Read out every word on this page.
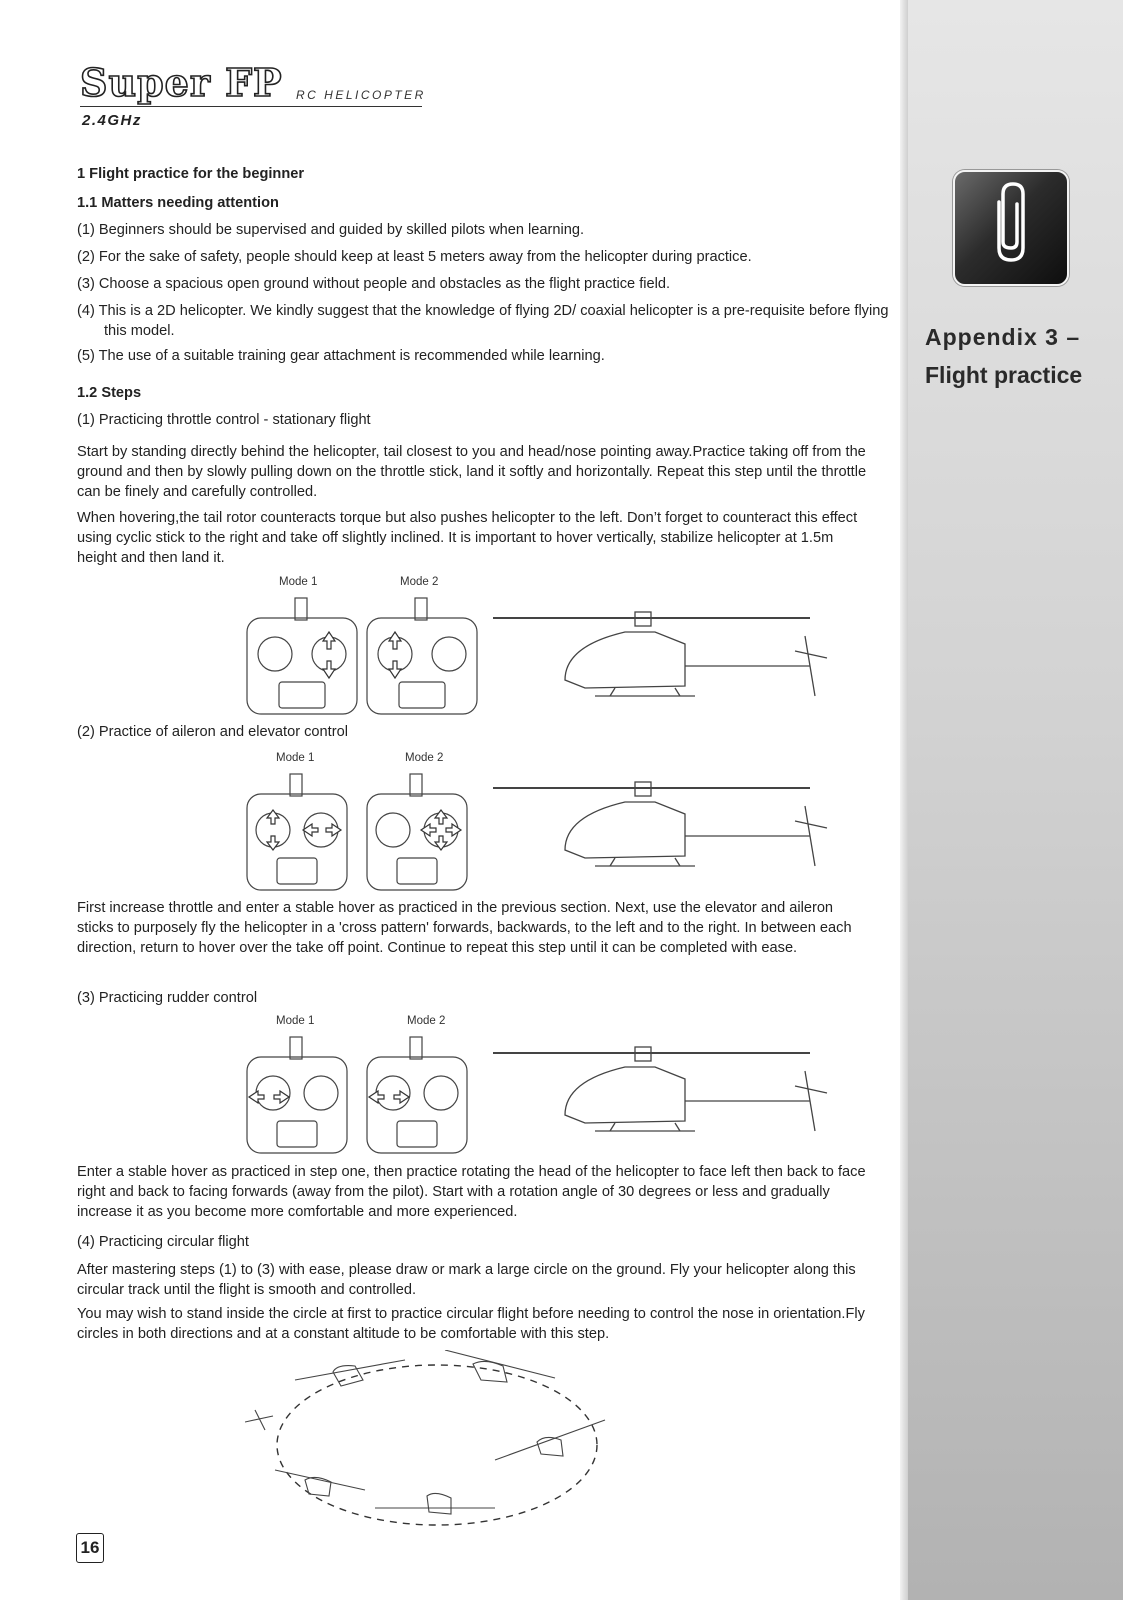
Appendix 3 –
Flight practice
Super FP RC HELICOPTER
2.4GHz

1 Flight practice for the beginner

1.1 Matters needing attention

(1) Beginners should be supervised and guided by skilled pilots when learning.

(2) For the sake of safety, people should keep at least 5 meters away from the helicopter during practice.

(3) Choose a spacious open ground without people and obstacles as the flight practice field.

(4) This is a 2D helicopter. We kindly suggest that the knowledge of flying 2D/ coaxial helicopter is a pre-requisite before flying this model.

(5) The use of a suitable training gear attachment is recommended while learning.

1.2 Steps

(1) Practicing throttle control - stationary flight

Start by standing directly behind the helicopter, tail closest to you and head/nose pointing away.Practice taking off from the ground and then by slowly pulling down on the throttle stick, land it softly and horizontally. Repeat this step until the throttle can be finely and carefully controlled.

When hovering,the tail rotor counteracts torque but also pushes helicopter to the left. Don’t forget to counteract this effect using cyclic stick to the right and take off slightly inclined. It is important to hover vertically, stabilize helicopter at 1.5m height and then land it.

(2) Practice of aileron and elevator control

First increase throttle and enter a stable hover as practiced in the previous section. Next, use the elevator and aileron sticks to purposely fly the helicopter in a 'cross pattern' forwards, backwards, to the left and to the right. In between each direction, return to hover over the take off point. Continue to repeat this step until it can be completed with ease.

(3) Practicing rudder control

Enter a stable hover as practiced in step one, then practice rotating the head of the helicopter to face left then back to face right and back to facing forwards (away from the pilot). Start with a rotation angle of 30 degrees or less and gradually increase it as you become more comfortable and more experienced.

(4) Practicing circular flight

After mastering steps (1) to (3) with ease, please draw or mark a large circle on the ground. Fly your helicopter along this circular track until the flight is smooth and controlled.

You may wish to stand inside the circle at first to practice circular flight before needing to control the nose in orientation.Fly circles in both directions and at a constant altitude to be comfortable with this step.

Mode 1	Mode 2
Mode 1	Mode 2
Mode 1	Mode 2
16
